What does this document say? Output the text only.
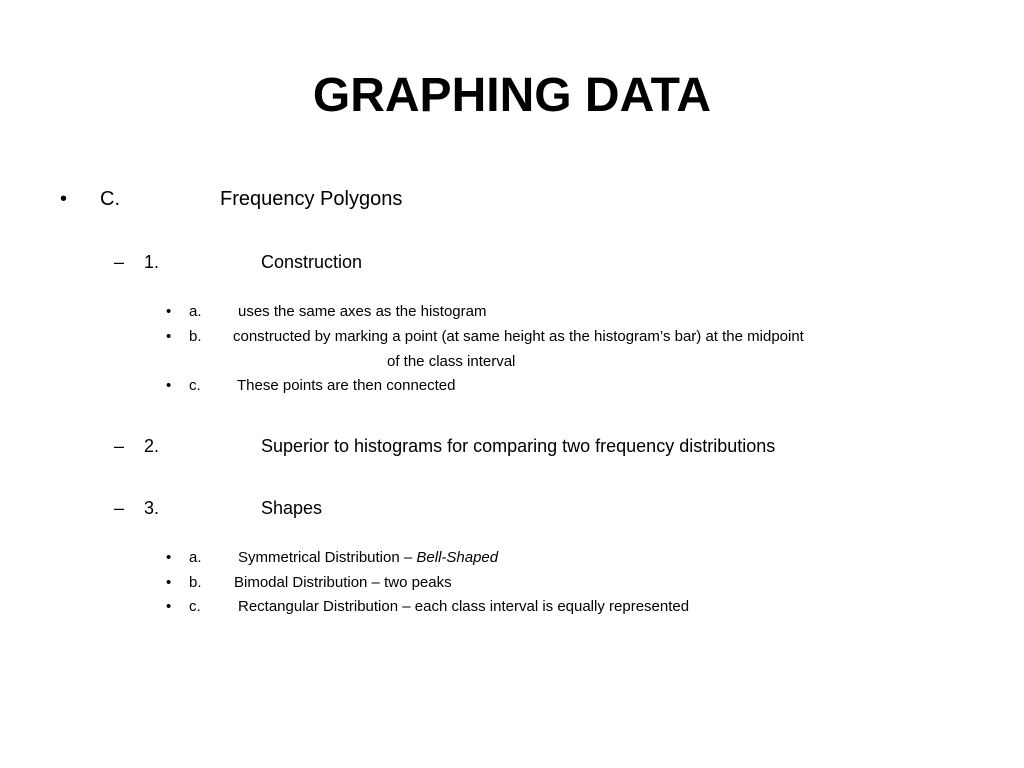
GRAPHING DATA
• C.	Frequency Polygons
– 1.	Construction
• a. uses the same axes as the histogram
• b. constructed by marking a point (at same height as the histogram’s bar) at the midpoint
of the class interval
• c. These points are then connected
– 2.	Superior to histograms for comparing two frequency distributions
– 3.	Shapes
• a. Symmetrical Distribution – Bell-Shaped
• b. Bimodal Distribution – two peaks
• c. Rectangular Distribution – each class interval is equally represented
